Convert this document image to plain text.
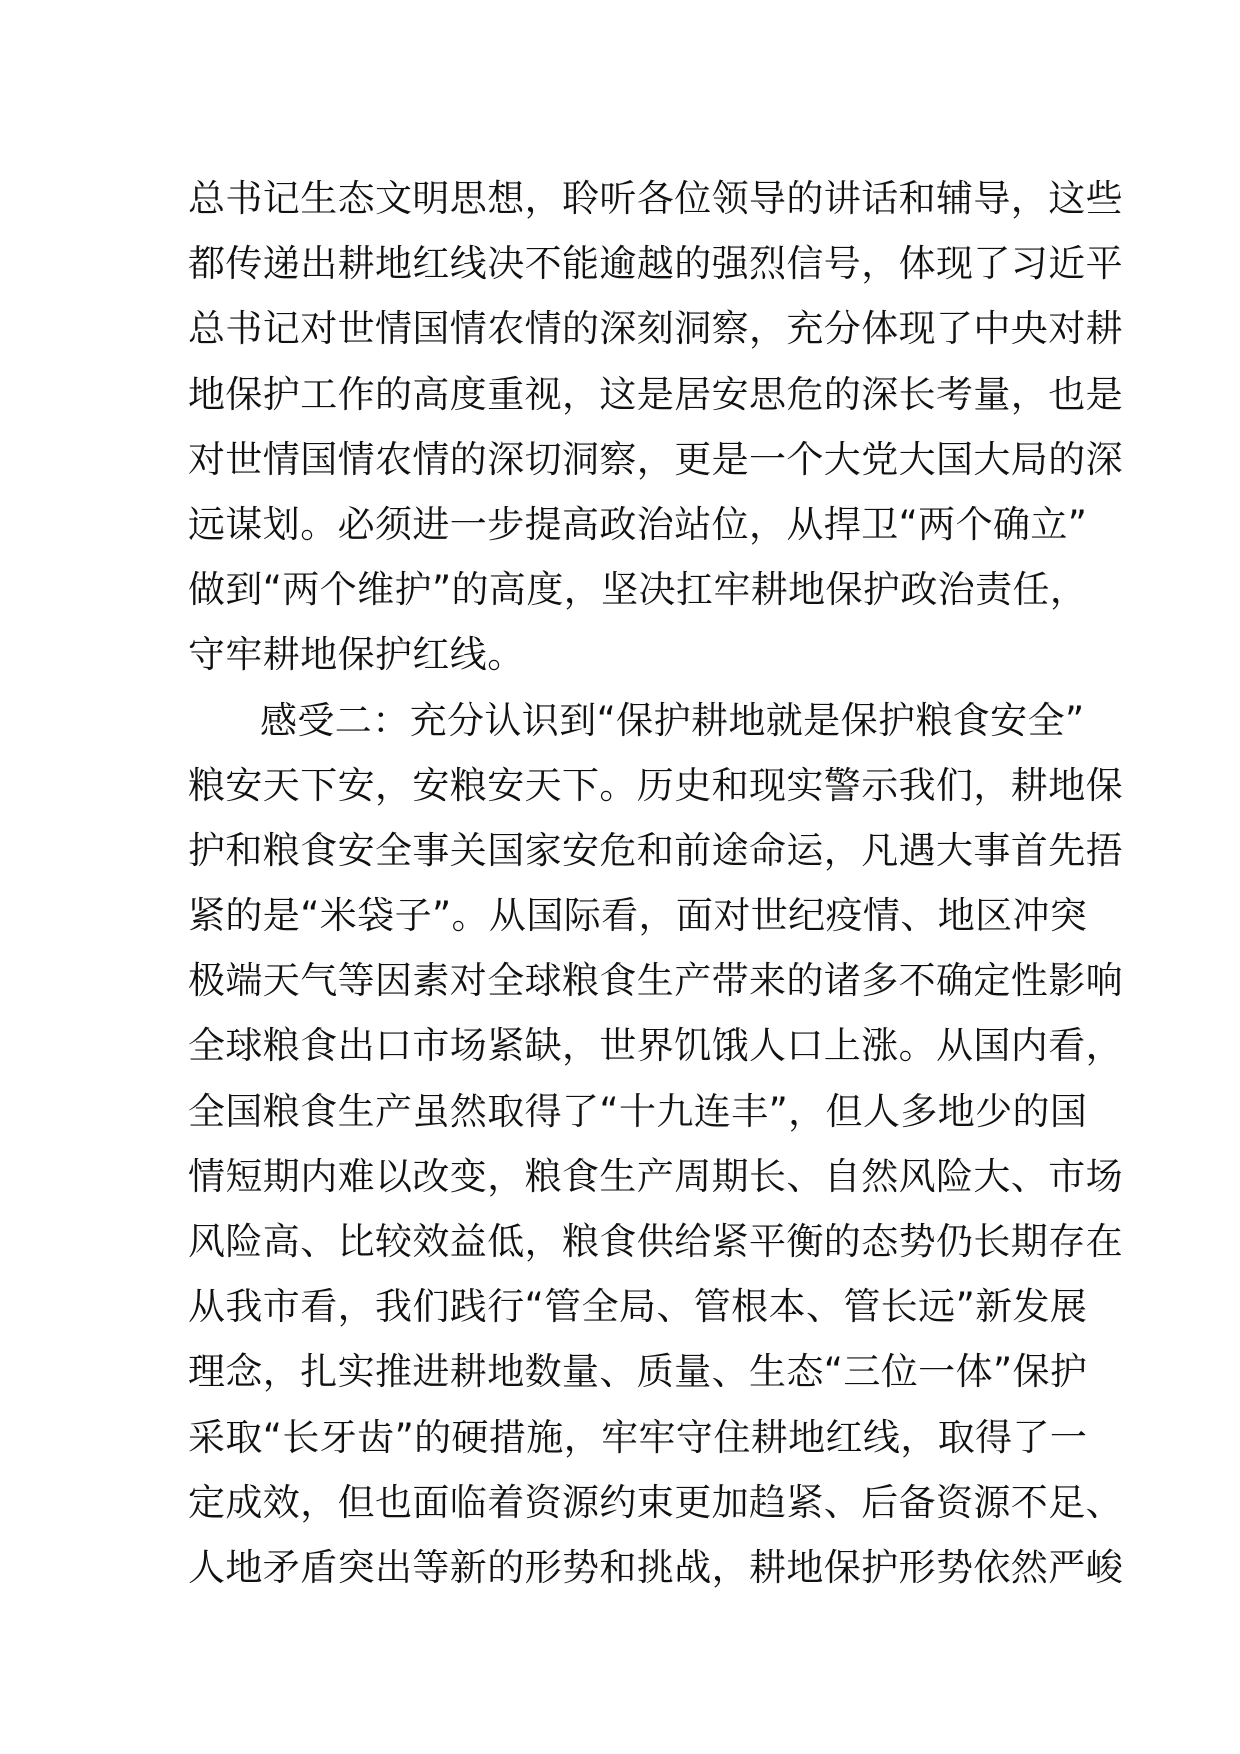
总书记生态文明思想，聆听各位领导的讲话和辅导，这些
都传递出耕地红线决不能逾越的强烈信号，体现了习近平
总书记对世情国情农情的深刻洞察，充分体现了中央对耕
地保护工作的高度重视，这是居安思危的深长考量，也是
对世情国情农情的深切洞察，更是一个大党大国大局的深
远谋划。必须进一步提高政治站位，从捍卫“两个确立”
做到“两个维护”的高度，坚决扛牢耕地保护政治责任，
守牢耕地保护红线。
感受二：充分认识到“保护耕地就是保护粮食安全”
粮安天下安，安粮安天下。历史和现实警示我们，耕地保
护和粮食安全事关国家安危和前途命运，凡遇大事首先捂
紧的是“米袋子”。从国际看，面对世纪疫情、地区冲突
极端天气等因素对全球粮食生产带来的诸多不确定性影响
全球粮食出口市场紧缺，世界饥饿人口上涨。从国内看，
全国粮食生产虽然取得了“十九连丰”，但人多地少的国
情短期内难以改变，粮食生产周期长、自然风险大、市场
风险高、比较效益低，粮食供给紧平衡的态势仍长期存在
从我市看，我们践行“管全局、管根本、管长远”新发展
理念，扎实推进耕地数量、质量、生态“三位一体”保护
采取“长牙齿”的硬措施，牢牢守住耕地红线，取得了一
定成效，但也面临着资源约束更加趋紧、后备资源不足、
人地矛盾突出等新的形势和挑战，耕地保护形势依然严峻
